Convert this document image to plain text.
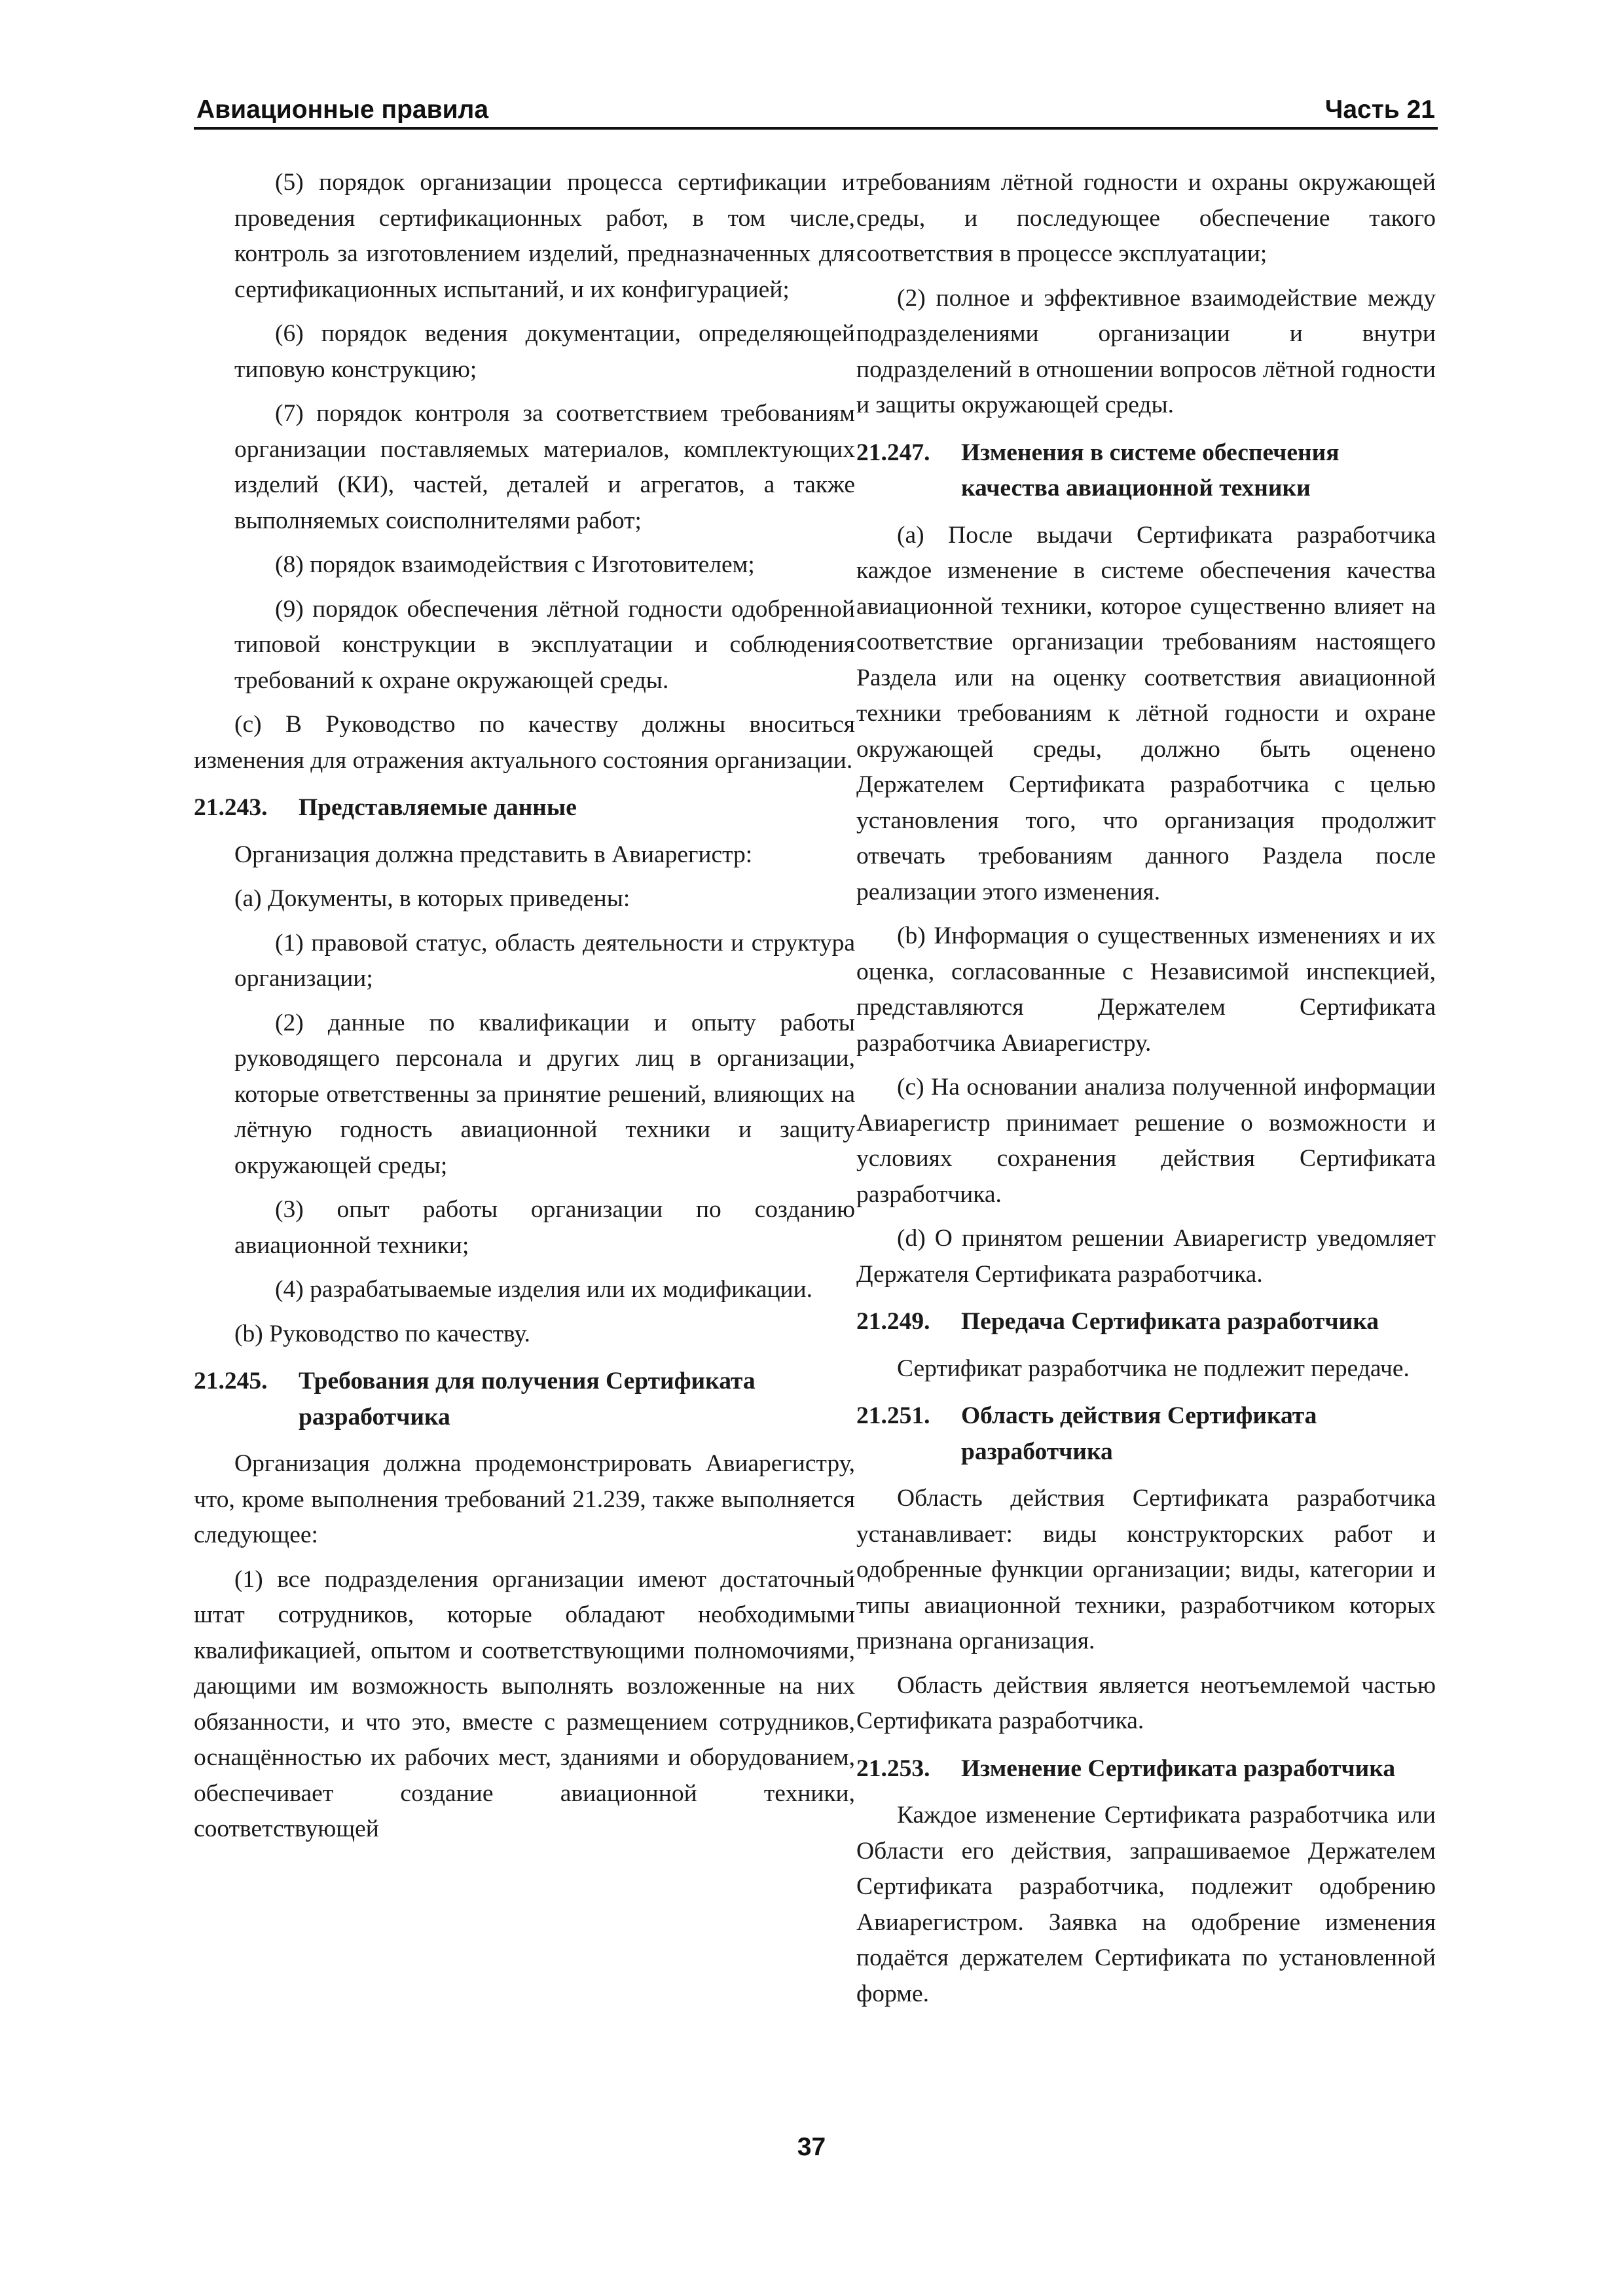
Авиационные правила	Часть 21

(5) порядок организации процесса сертификации и проведения сертификационных работ, в том числе, контроль за изготовлением изделий, предназначенных для сертификационных испытаний, и их конфигурацией;

(6) порядок ведения документации, определяющей типовую конструкцию;

(7) порядок контроля за соответствием требованиям организации поставляемых материалов, комплектующих изделий (КИ), частей, деталей и агрегатов, а также выполняемых соисполнителями работ;

(8) порядок взаимодействия с Изготовителем;

(9) порядок обеспечения лётной годности одобренной типовой конструкции в эксплуатации и соблюдения требований к охране окружающей среды.

(c) В Руководство по качеству должны вноситься изменения для отражения актуального состояния организации.

21.243.	Представляемые данные

Организация должна представить в Авиарегистр:

(a) Документы, в которых приведены:

(1) правовой статус, область деятельности и структура организации;

(2) данные по квалификации и опыту работы руководящего персонала и других лиц в организации, которые ответственны за принятие решений, влияющих на лётную годность авиационной техники и защиту окружающей среды;

(3) опыт работы организации по созданию авиационной техники;

(4) разрабатываемые изделия или их модификации.

(b) Руководство по качеству.

21.245.	Требования для получения Сертификата разработчика

Организация должна продемонстрировать Авиарегистру, что, кроме выполнения требований 21.239, также выполняется следующее:

(1) все подразделения организации имеют достаточный штат сотрудников, которые обладают необходимыми квалификацией, опытом и соответствующими полномочиями, дающими им возможность выполнять возложенные на них обязанности, и что это, вместе с размещением сотрудников, оснащённостью их рабочих мест, зданиями и оборудованием, обеспечивает создание авиационной техники, соответствующей

требованиям лётной годности и охраны окружающей среды, и последующее обеспечение такого соответствия в процессе эксплуатации;

(2) полное и эффективное взаимодействие между подразделениями организации и внутри подразделений в отношении вопросов лётной годности и защиты окружающей среды.

21.247.	Изменения в системе обеспечения качества авиационной техники

(a) После выдачи Сертификата разработчика каждое изменение в системе обеспечения качества авиационной техники, которое существенно влияет на соответствие организации требованиям настоящего Раздела или на оценку соответствия авиационной техники требованиям к лётной годности и охране окружающей среды, должно быть оценено Держателем Сертификата разработчика с целью установления того, что организация продолжит отвечать требованиям данного Раздела после реализации этого изменения.

(b) Информация о существенных изменениях и их оценка, согласованные с Независимой инспекцией, представляются Держателем Сертификата разработчика Авиарегистру.

(c) На основании анализа полученной информации Авиарегистр принимает решение о возможности и условиях сохранения действия Сертификата разработчика.

(d) О принятом решении Авиарегистр уведомляет Держателя Сертификата разработчика.

21.249.	Передача Сертификата разработчика

Сертификат разработчика не подлежит передаче.

21.251.	Область действия Сертификата разработчика

Область действия Сертификата разработчика устанавливает: виды конструкторских работ и одобренные функции организации; виды, категории и типы авиационной техники, разработчиком которых признана организация.

Область действия является неотъемлемой частью Сертификата разработчика.

21.253.	Изменение Сертификата разработчика

Каждое изменение Сертификата разработчика или Области его действия, запрашиваемое Держателем Сертификата разработчика, подлежит одобрению Авиарегистром. Заявка на одобрение изменения подаётся держателем Сертификата по установленной форме.

37
